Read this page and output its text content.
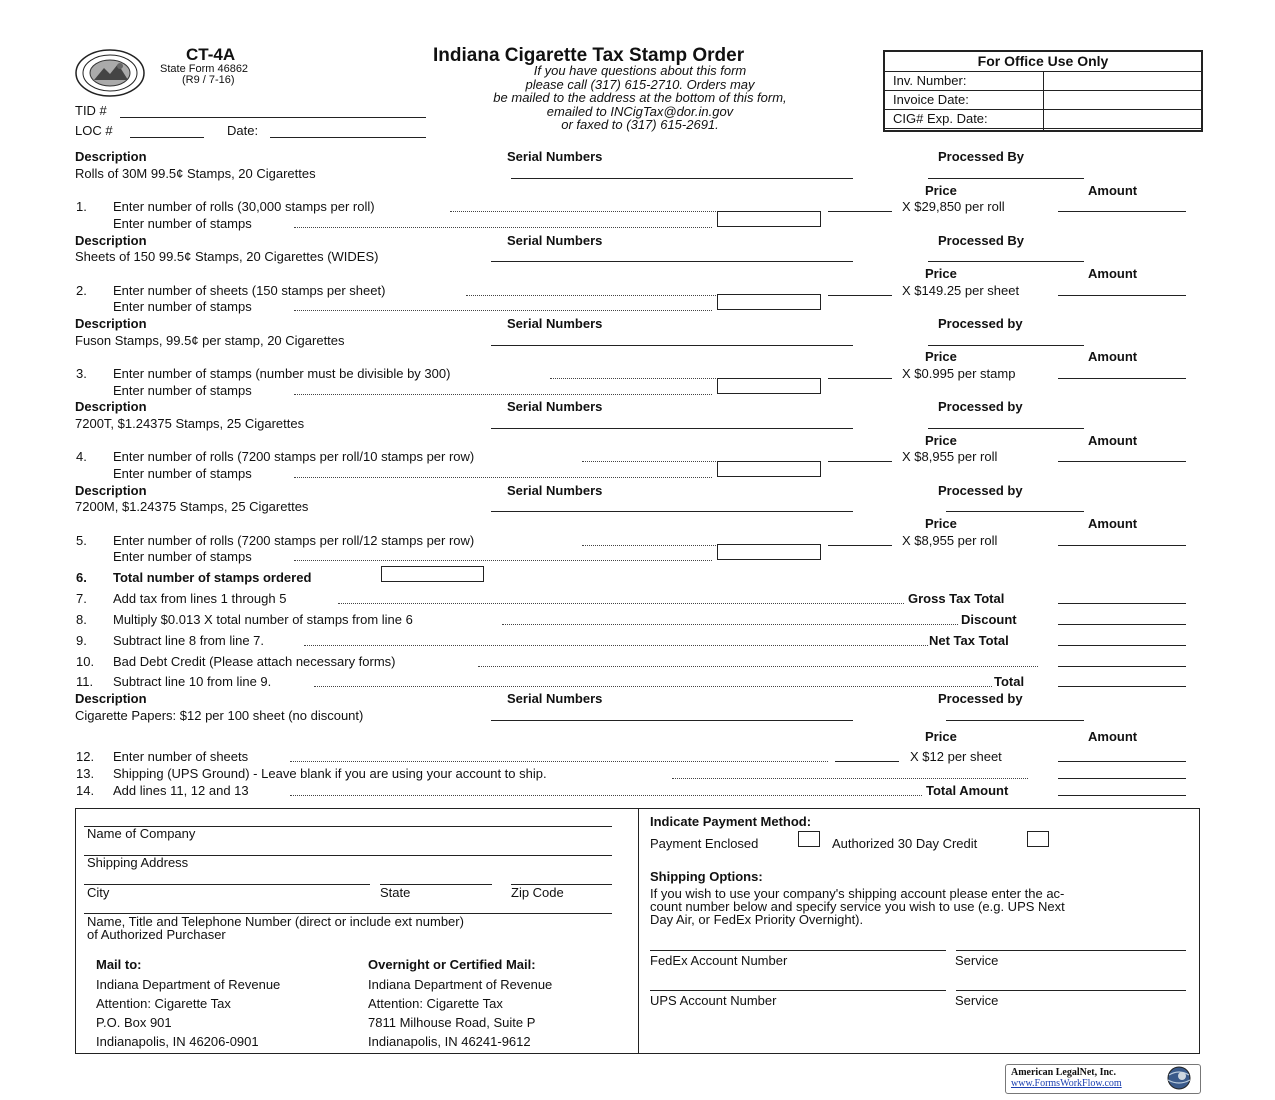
CT-4A
State Form 46862
(R9 / 7-16)
Indiana Cigarette Tax Stamp Order
If you have questions about this form
please call (317) 615-2710. Orders may
be mailed to the address at the bottom of this form,
emailed to INCigTax@dor.in.gov
or faxed to (317) 615-2691.
TID #
LOC #	Date:
For Office Use Only
Inv. Number:
Invoice Date:
CIG# Exp. Date:
Description	Serial Numbers	Processed By
Rolls of 30M 99.5¢ Stamps, 20 Cigarettes
Price	Amount
1. Enter number of rolls (30,000 stamps per roll)	X $29,850 per roll
Enter number of stamps
Description	Serial Numbers	Processed By
Sheets of 150 99.5¢ Stamps, 20 Cigarettes (WIDES)
Price	Amount
2. Enter number of sheets (150 stamps per sheet)	X $149.25 per sheet
Enter number of stamps
Description	Serial Numbers	Processed by
Fuson Stamps, 99.5¢ per stamp, 20 Cigarettes
Price	Amount
3. Enter number of stamps (number must be divisible by 300)	X $0.995 per stamp
Enter number of stamps
Description	Serial Numbers	Processed by
7200T, $1.24375 Stamps, 25 Cigarettes
Price	Amount
4. Enter number of rolls (7200 stamps per roll/10 stamps per row)	X $8,955 per roll
Enter number of stamps
Description	Serial Numbers	Processed by
7200M, $1.24375 Stamps, 25 Cigarettes
Price	Amount
5. Enter number of rolls (7200 stamps per roll/12 stamps per row)	X $8,955 per roll
Enter number of stamps
6. Total number of stamps ordered
7. Add tax from lines 1 through 5	Gross Tax Total
8. Multiply $0.013 X total number of stamps from line 6	Discount
9. Subtract line 8 from line 7.	Net Tax Total
10. Bad Debt Credit (Please attach necessary forms)
11. Subtract line 10 from line 9.	Total
Description	Serial Numbers	Processed by
Cigarette Papers: $12 per 100 sheet (no discount)
Price	Amount
12. Enter number of sheets	X $12 per sheet
13. Shipping (UPS Ground) - Leave blank if you are using your account to ship.
14. Add lines 11, 12 and 13	Total Amount
Name of Company
Shipping Address
City	State	Zip Code
Name, Title and Telephone Number (direct or include ext number)
of Authorized Purchaser
Mail to:
Indiana Department of Revenue
Attention: Cigarette Tax
P.O. Box 901
Indianapolis, IN 46206-0901
Overnight or Certified Mail:
Indiana Department of Revenue
Attention: Cigarette Tax
7811 Milhouse Road, Suite P
Indianapolis, IN 46241-9612
Indicate Payment Method:
Payment Enclosed	Authorized 30 Day Credit
Shipping Options:
If you wish to use your company's shipping account please enter the ac-
count number below and specify service you wish to use (e.g. UPS Next
Day Air, or FedEx Priority Overnight).
FedEx Account Number	Service
UPS Account Number	Service
American LegalNet, Inc.
www.FormsWorkFlow.com
